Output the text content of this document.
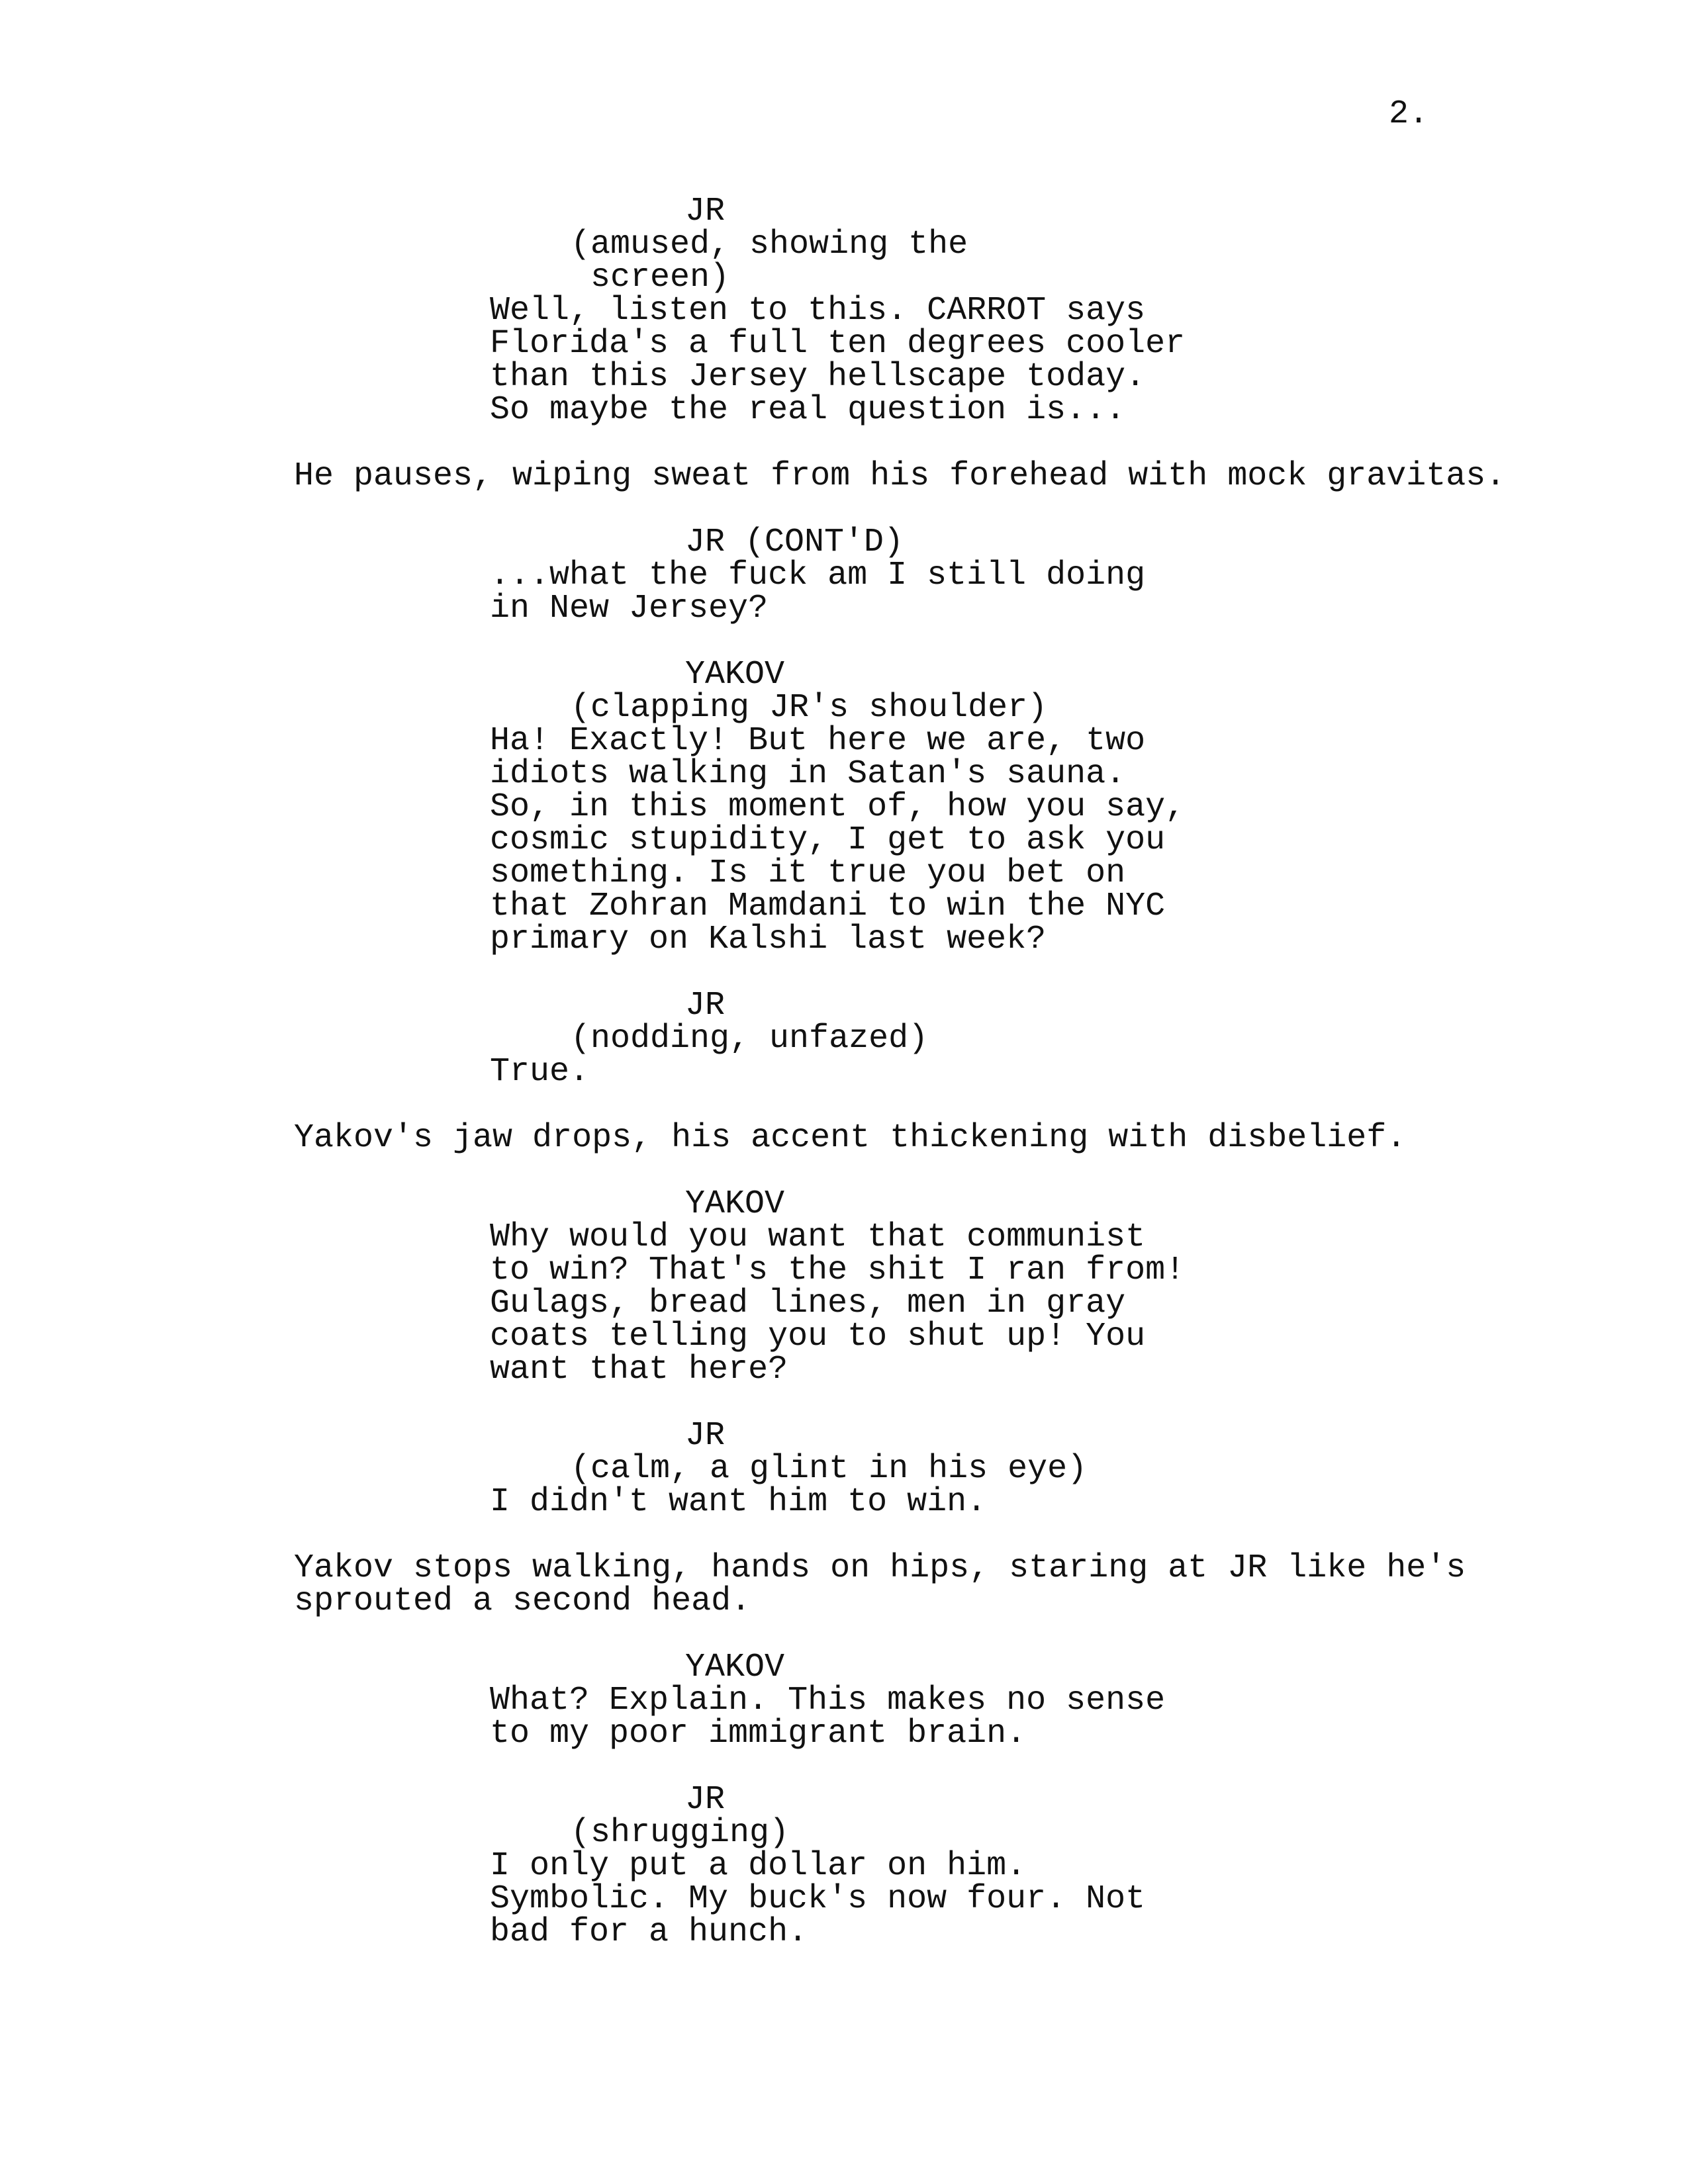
2.
JR
(amused, showing the
screen)
Well, listen to this. CARROT says
Florida's a full ten degrees cooler
than this Jersey hellscape today.
So maybe the real question is...
He pauses, wiping sweat from his forehead with mock gravitas.
JR (CONT'D)
...what the fuck am I still doing
in New Jersey?
YAKOV
(clapping JR's shoulder)
Ha! Exactly! But here we are, two
idiots walking in Satan's sauna.
So, in this moment of, how you say,
cosmic stupidity, I get to ask you
something. Is it true you bet on
that Zohran Mamdani to win the NYC
primary on Kalshi last week?
JR
(nodding, unfazed)
True.
Yakov's jaw drops, his accent thickening with disbelief.
YAKOV
Why would you want that communist
to win? That's the shit I ran from!
Gulags, bread lines, men in gray
coats telling you to shut up! You
want that here?
JR
(calm, a glint in his eye)
I didn't want him to win.
Yakov stops walking, hands on hips, staring at JR like he's
sprouted a second head.
YAKOV
What? Explain. This makes no sense
to my poor immigrant brain.
JR
(shrugging)
I only put a dollar on him.
Symbolic. My buck's now four. Not
bad for a hunch.
